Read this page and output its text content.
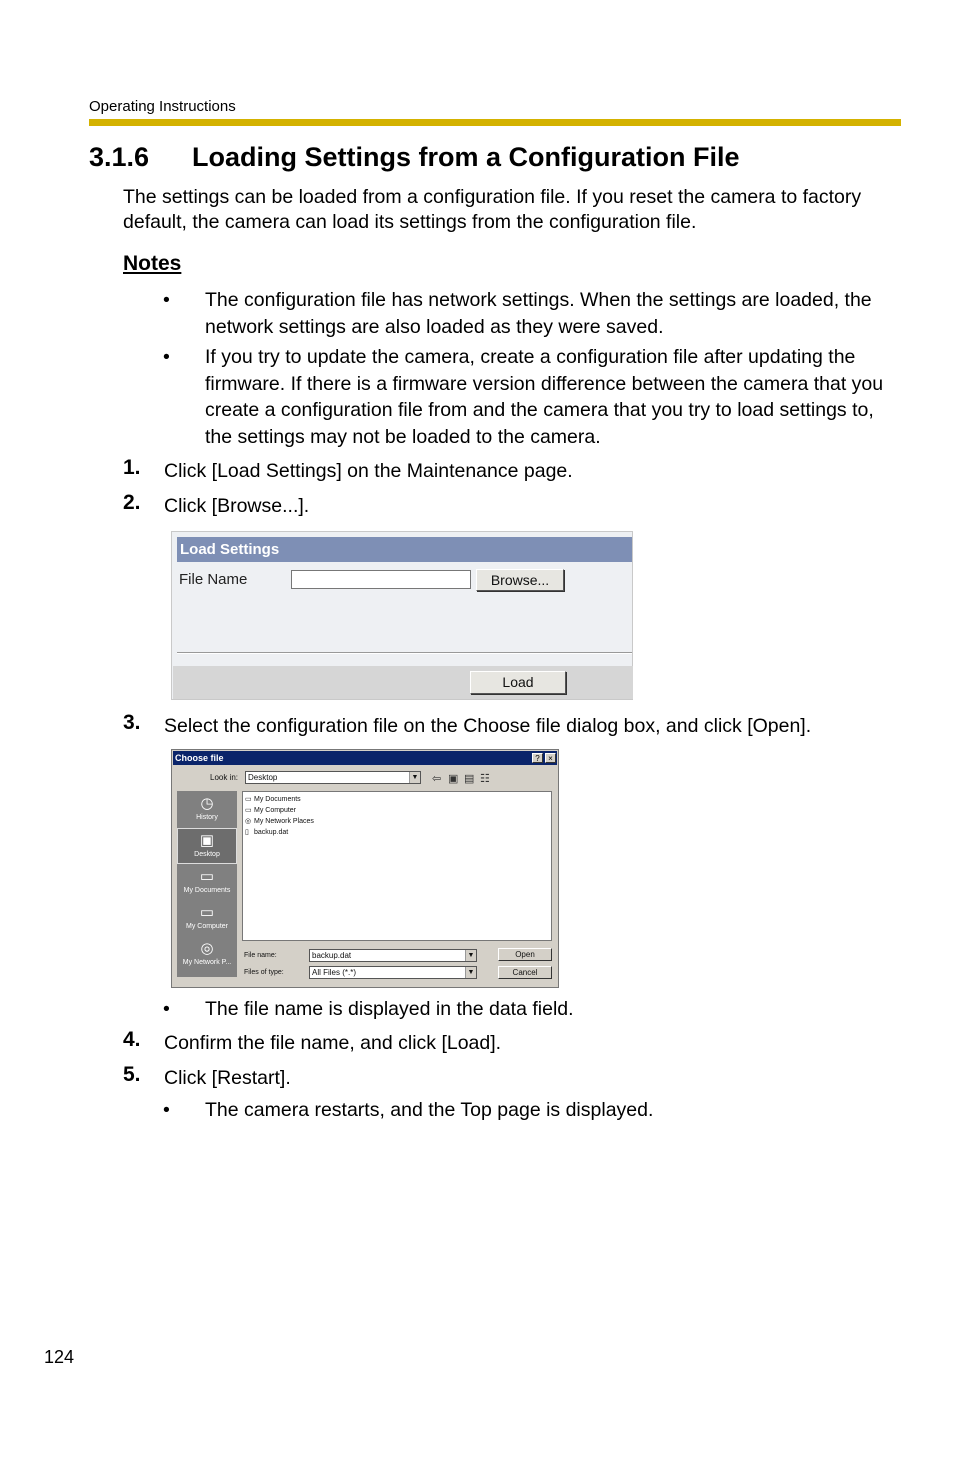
Operating Instructions
3.1.6 Loading Settings from a Configuration File
The settings can be loaded from a configuration file. If you reset the camera to factory default, the camera can load its settings from the configuration file.
Notes
• The configuration file has network settings. When the settings are loaded, the network settings are also loaded as they were saved.
• If you try to update the camera, create a configuration file after updating the firmware. If there is a firmware version difference between the camera that you create a configuration file from and the camera that you try to load settings to, the settings may not be loaded to the camera.
1. Click [Load Settings] on the Maintenance page.
2. Click [Browse...].
Load Settings
File Name	Browse...
Load
3. Select the configuration file on the Choose file dialog box, and click [Open].
Choose file	?	×
Look in:	Desktop	▼ ⇦ ▣ ▤ ☷
◷
History
▣
Desktop
▭
My Documents
▭
My Computer
◎
My Network P...
▭ My Documents
▭ My Computer
◎ My Network Places
▯ backup.dat
File name:	backup.dat	▼
Files of type:	All Files (*.*)	▼
Open
Cancel
• The file name is displayed in the data field.
4. Confirm the file name, and click [Load].
5. Click [Restart].
• The camera restarts, and the Top page is displayed.
124
